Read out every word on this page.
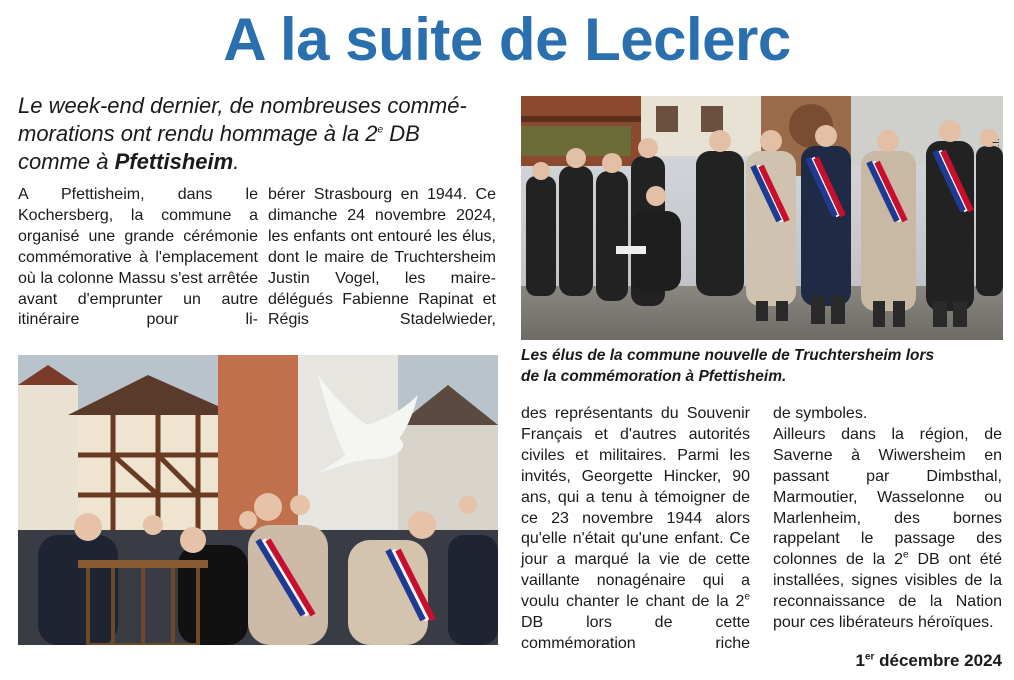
A la suite de Leclerc
Le week-end dernier, de nombreuses commé-
morations ont rendu hommage à la 2e DB
comme à Pfettisheim.

A Pfettisheim, dans le Kochersberg, la commune a organisé une grande cérémonie commémorative à l'emplacement où la colonne Massu s'est arrêtée avant d'emprunter un autre itinéraire pour li-

bérer Strasbourg en 1944. Ce dimanche 24 novembre 2024, les enfants ont entouré les élus, dont le maire de Truchtersheim Justin Vogel, les maire-délégués Fabienne Rapinat et Régis Stadelwieder,

PHOTOS F.MAIGROT/L'A.M.I.
Les élus de la commune nouvelle de Truchtersheim lors
de la commémoration à Pfettisheim.

des représentants du Souvenir Français et d'autres autorités civiles et militaires. Parmi les invités, Georgette Hincker, 90 ans, qui a tenu à témoigner de ce 23 novembre 1944 alors qu'elle n'était qu'une enfant. Ce jour a marqué la vie de cette vaillante nonagénaire qui a voulu chanter le chant de la 2e DB lors de cette commémoration riche

de symboles.

Ailleurs dans la région, de Saverne à Wiwersheim en passant par Dimbsthal, Marmoutier, Wasselonne ou Marlenheim, des bornes rappelant le passage des colonnes de la 2e DB ont été installées, signes visibles de la reconnaissance de la Nation pour ces libérateurs héroïques.

1er décembre 2024
